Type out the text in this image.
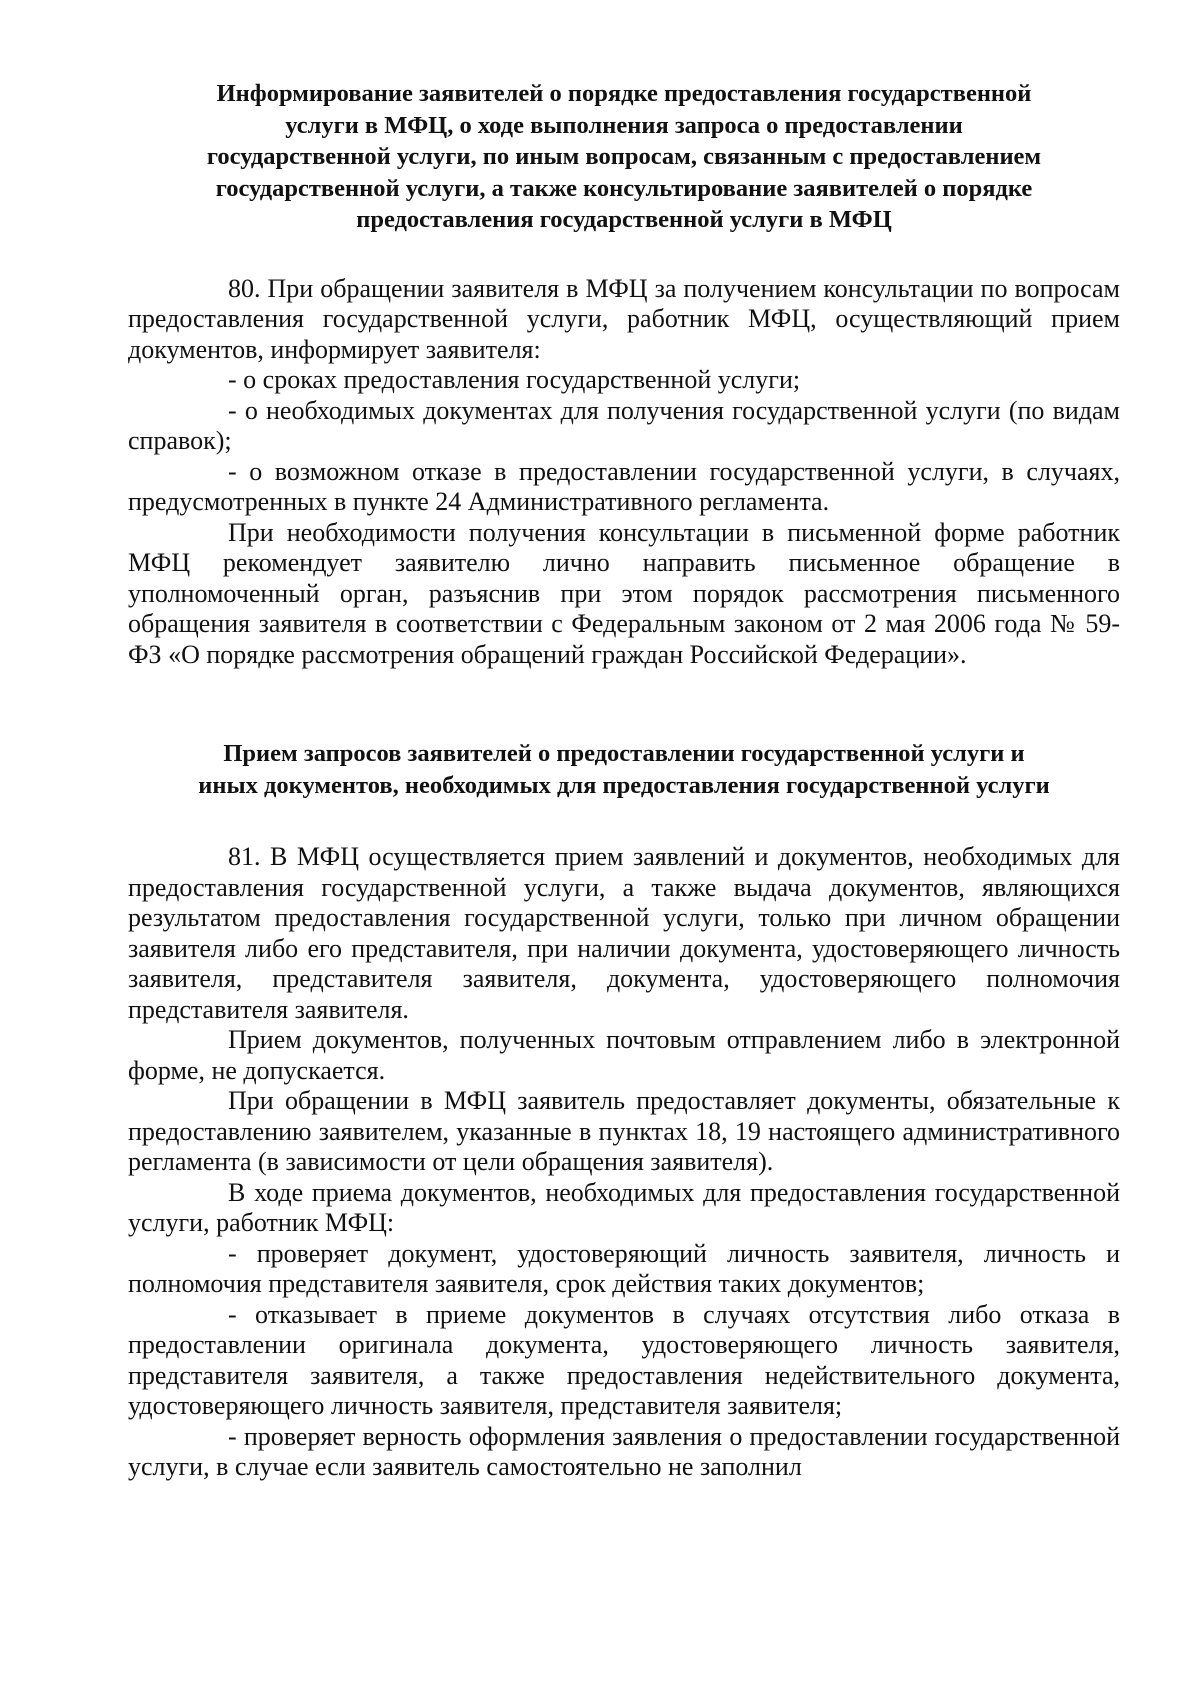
Информирование заявителей о порядке предоставления государственной
услуги в МФЦ, о ходе выполнения запроса о предоставлении
государственной услуги, по иным вопросам, связанным с предоставлением
государственной услуги, а также консультирование заявителей о порядке
предоставления государственной услуги в МФЦ

80. При обращении заявителя в МФЦ за получением консультации по вопросам предоставления государственной услуги, работник МФЦ, осуществляющий прием документов, информирует заявителя:

- о сроках предоставления государственной услуги;

- о необходимых документах для получения государственной услуги (по видам справок);

- о возможном отказе в предоставлении государственной услуги, в случаях, предусмотренных в пункте 24 Административного регламента.

При необходимости получения консультации в письменной форме работник МФЦ рекомендует заявителю лично направить письменное обращение в уполномоченный орган, разъяснив при этом порядок рассмотрения письменного обращения заявителя в соответствии с Федеральным законом от 2 мая 2006 года № 59-ФЗ «О порядке рассмотрения обращений граждан Российской Федерации».

Прием запросов заявителей о предоставлении государственной услуги и
иных документов, необходимых для предоставления государственной услуги

81. В МФЦ осуществляется прием заявлений и документов, необходимых для предоставления государственной услуги, а также выдача документов, являющихся результатом предоставления государственной услуги, только при личном обращении заявителя либо его представителя, при наличии документа, удостоверяющего личность заявителя, представителя заявителя, документа, удостоверяющего полномочия представителя заявителя.

Прием документов, полученных почтовым отправлением либо в электронной форме, не допускается.

При обращении в МФЦ заявитель предоставляет документы, обязательные к предоставлению заявителем, указанные в пунктах 18, 19 настоящего административного регламента (в зависимости от цели обращения заявителя).

В ходе приема документов, необходимых для предоставления государственной услуги, работник МФЦ:

- проверяет документ, удостоверяющий личность заявителя, личность и полномочия представителя заявителя, срок действия таких документов;

- отказывает в приеме документов в случаях отсутствия либо отказа в предоставлении оригинала документа, удостоверяющего личность заявителя, представителя заявителя, а также предоставления недействительного документа, удостоверяющего личность заявителя, представителя заявителя;

- проверяет верность оформления заявления о предоставлении государственной услуги, в случае если заявитель самостоятельно не заполнил
